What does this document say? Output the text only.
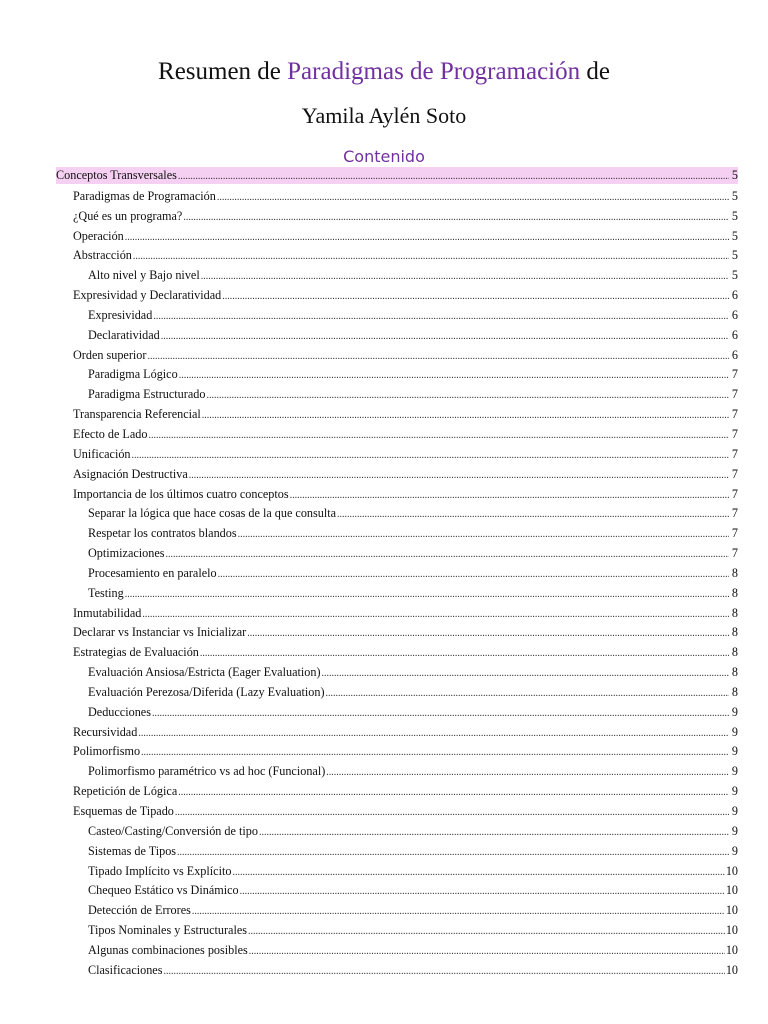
Resumen de Paradigmas de Programación de
Yamila Aylén Soto
Contenido
Conceptos Transversales .....	5
Paradigmas de Programación .....	5
¿Qué es un programa? .....	5
Operación .....	5
Abstracción .....	5
Alto nivel y Bajo nivel .....	5
Expresividad y Declaratividad .....	6
Expresividad .....	6
Declaratividad .....	6
Orden superior .....	6
Paradigma Lógico .....	7
Paradigma Estructurado .....	7
Transparencia Referencial .....	7
Efecto de Lado .....	7
Unificación .....	7
Asignación Destructiva .....	7
Importancia de los últimos cuatro conceptos .....	7
Separar la lógica que hace cosas de la que consulta .....	7
Respetar los contratos blandos .....	7
Optimizaciones .....	7
Procesamiento en paralelo .....	8
Testing .....	8
Inmutabilidad .....	8
Declarar vs Instanciar vs Inicializar .....	8
Estrategias de Evaluación .....	8
Evaluación Ansiosa/Estricta (Eager Evaluation) .....	8
Evaluación Perezosa/Diferida (Lazy Evaluation) .....	8
Deducciones .....	9
Recursividad .....	9
Polimorfismo .....	9
Polimorfismo paramétrico vs ad hoc (Funcional) .....	9
Repetición de Lógica .....	9
Esquemas de Tipado .....	9
Casteo/Casting/Conversión de tipo .....	9
Sistemas de Tipos .....	9
Tipado Implícito vs Explícito .....	10
Chequeo Estático vs Dinámico .....	10
Detección de Errores .....	10
Tipos Nominales y Estructurales .....	10
Algunas combinaciones posibles .....	10
Clasificaciones .....	10
